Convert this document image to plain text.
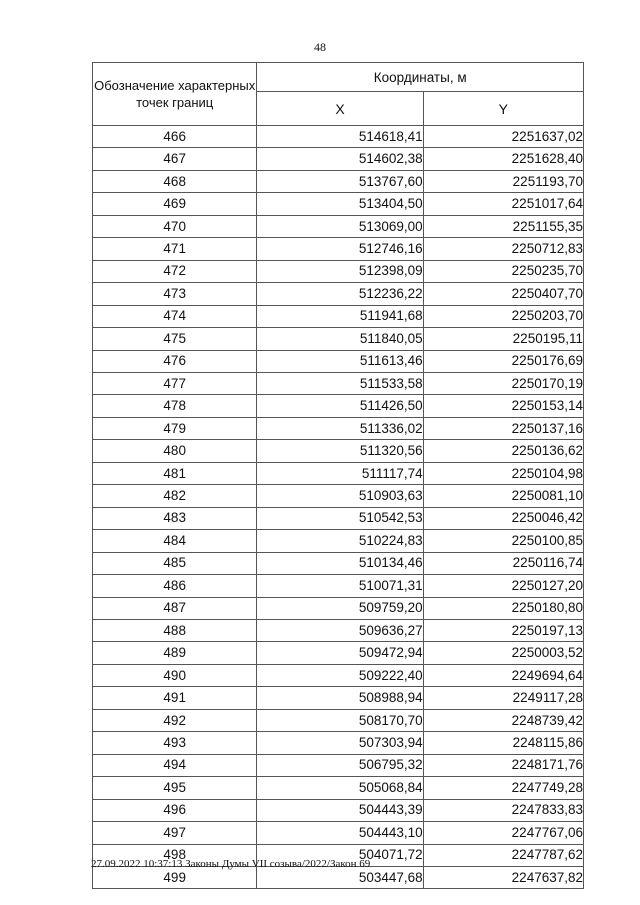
48
Обозначение характерных точек границ	Координаты, м	
	X	Y
466	514618,41	2251637,02
467	514602,38	2251628,40
468	513767,60	2251193,70
469	513404,50	2251017,64
470	513069,00	2251155,35
471	512746,16	2250712,83
472	512398,09	2250235,70
473	512236,22	2250407,70
474	511941,68	2250203,70
475	511840,05	2250195,11
476	511613,46	2250176,69
477	511533,58	2250170,19
478	511426,50	2250153,14
479	511336,02	2250137,16
480	511320,56	2250136,62
481	511117,74	2250104,98
482	510903,63	2250081,10
483	510542,53	2250046,42
484	510224,83	2250100,85
485	510134,46	2250116,74
486	510071,31	2250127,20
487	509759,20	2250180,80
488	509636,27	2250197,13
489	509472,94	2250003,52
490	509222,40	2249694,64
491	508988,94	2249117,28
492	508170,70	2248739,42
493	507303,94	2248115,86
494	506795,32	2248171,76
495	505068,84	2247749,28
496	504443,39	2247833,83
497	504443,10	2247767,06
498	504071,72	2247787,62
499	503447,68	2247637,82
27.09.2022 10:37:13 Законы Думы VII созыва/2022/Закон 69
